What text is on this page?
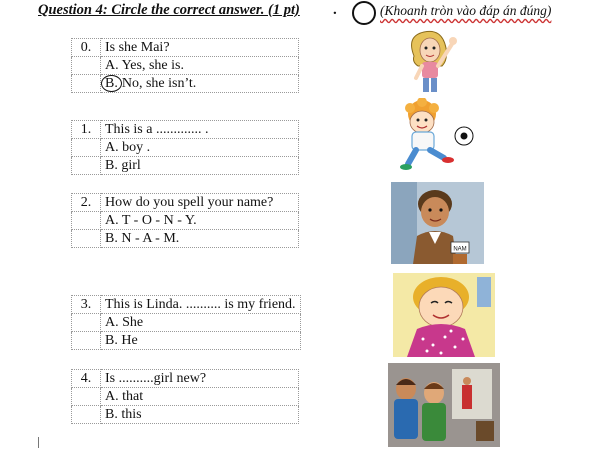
Question 4: Circle the correct answer. (1 pt) .	(Khoanh tròn vào đáp án đúng)
0.	Is she Mai?
	A. Yes, she is.
	B. No, she isn’t.
1.	This is a ............. .
	A. boy .
	B. girl
2.	How do you spell your name?
	A. T - O - N - Y.
	B. N - A - M.
3.	This is Linda. .......... is my friend.
	A. She
	B. He
4.	Is ..........girl new?
	A. that
	B. this
NAM
